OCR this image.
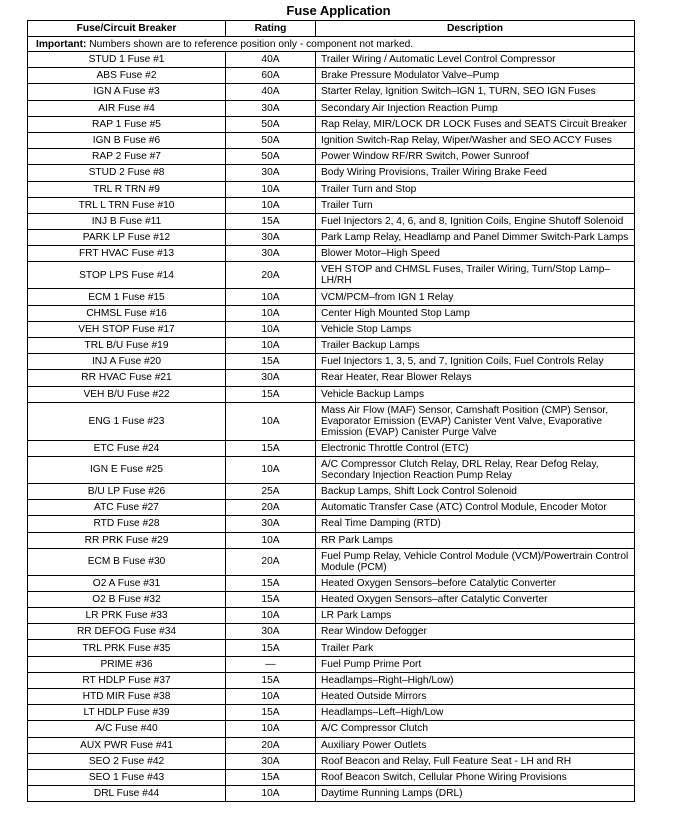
Fuse Application
Fuse/Circuit Breaker	Rating	Description
Important: Numbers shown are to reference position only - component not marked.		
STUD 1 Fuse #1	40A	Trailer Wiring / Automatic Level Control Compressor
ABS Fuse #2	60A	Brake Pressure Modulator Valve–Pump
IGN A Fuse #3	40A	Starter Relay, Ignition Switch–IGN 1, TURN, SEO IGN Fuses
AIR Fuse #4	30A	Secondary Air Injection Reaction Pump
RAP 1 Fuse #5	50A	Rap Relay, MIR/LOCK DR LOCK Fuses and SEATS Circuit Breaker
IGN B Fuse #6	50A	Ignition Switch-Rap Relay, Wiper/Washer and SEO ACCY Fuses
RAP 2 Fuse #7	50A	Power Window RF/RR Switch, Power Sunroof
STUD 2 Fuse #8	30A	Body Wiring Provisions, Trailer Wiring Brake Feed
TRL R TRN #9	10A	Trailer Turn and Stop
TRL L TRN Fuse #10	10A	Trailer Turn
INJ B Fuse #11	15A	Fuel Injectors 2, 4, 6, and 8, Ignition Coils, Engine Shutoff Solenoid
PARK LP Fuse #12	30A	Park Lamp Relay, Headlamp and Panel Dimmer Switch-Park Lamps
FRT HVAC Fuse #13	30A	Blower Motor–High Speed
STOP LPS Fuse #14	20A	VEH STOP and CHMSL Fuses, Trailer Wiring, Turn/Stop Lamp–LH/RH
ECM 1 Fuse #15	10A	VCM/PCM–from IGN 1 Relay
CHMSL Fuse #16	10A	Center High Mounted Stop Lamp
VEH STOP Fuse #17	10A	Vehicle Stop Lamps
TRL B/U Fuse #19	10A	Trailer Backup Lamps
INJ A Fuse #20	15A	Fuel Injectors 1, 3, 5, and 7, Ignition Coils, Fuel Controls Relay
RR HVAC Fuse #21	30A	Rear Heater, Rear Blower Relays
VEH B/U Fuse #22	15A	Vehicle Backup Lamps
ENG 1 Fuse #23	10A	Mass Air Flow (MAF) Sensor, Camshaft Position (CMP) Sensor, Evaporator Emission (EVAP) Canister Vent Valve, Evaporative Emission (EVAP) Canister Purge Valve
ETC Fuse #24	15A	Electronic Throttle Control (ETC)
IGN E Fuse #25	10A	A/C Compressor Clutch Relay, DRL Relay, Rear Defog Relay, Secondary Injection Reaction Pump Relay
B/U LP Fuse #26	25A	Backup Lamps, Shift Lock Control Solenoid
ATC Fuse #27	20A	Automatic Transfer Case (ATC) Control Module, Encoder Motor
RTD Fuse #28	30A	Real Time Damping (RTD)
RR PRK Fuse #29	10A	RR Park Lamps
ECM B Fuse #30	20A	Fuel Pump Relay, Vehicle Control Module (VCM)/Powertrain Control Module (PCM)
O2 A Fuse #31	15A	Heated Oxygen Sensors–before Catalytic Converter
O2 B Fuse #32	15A	Heated Oxygen Sensors–after Catalytic Converter
LR PRK Fuse #33	10A	LR Park Lamps
RR DEFOG Fuse #34	30A	Rear Window Defogger
TRL PRK Fuse #35	15A	Trailer Park
PRIME #36	—	Fuel Pump Prime Port
RT HDLP Fuse #37	15A	Headlamps–Right–High/Low)
HTD MIR Fuse #38	10A	Heated Outside Mirrors
LT HDLP Fuse #39	15A	Headlamps–Left–High/Low
A/C Fuse #40	10A	A/C Compressor Clutch
AUX PWR Fuse #41	20A	Auxiliary Power Outlets
SEO 2 Fuse #42	30A	Roof Beacon and Relay, Full Feature Seat - LH and RH
SEO 1 Fuse #43	15A	Roof Beacon Switch, Cellular Phone Wiring Provisions
DRL Fuse #44	10A	Daytime Running Lamps (DRL)
